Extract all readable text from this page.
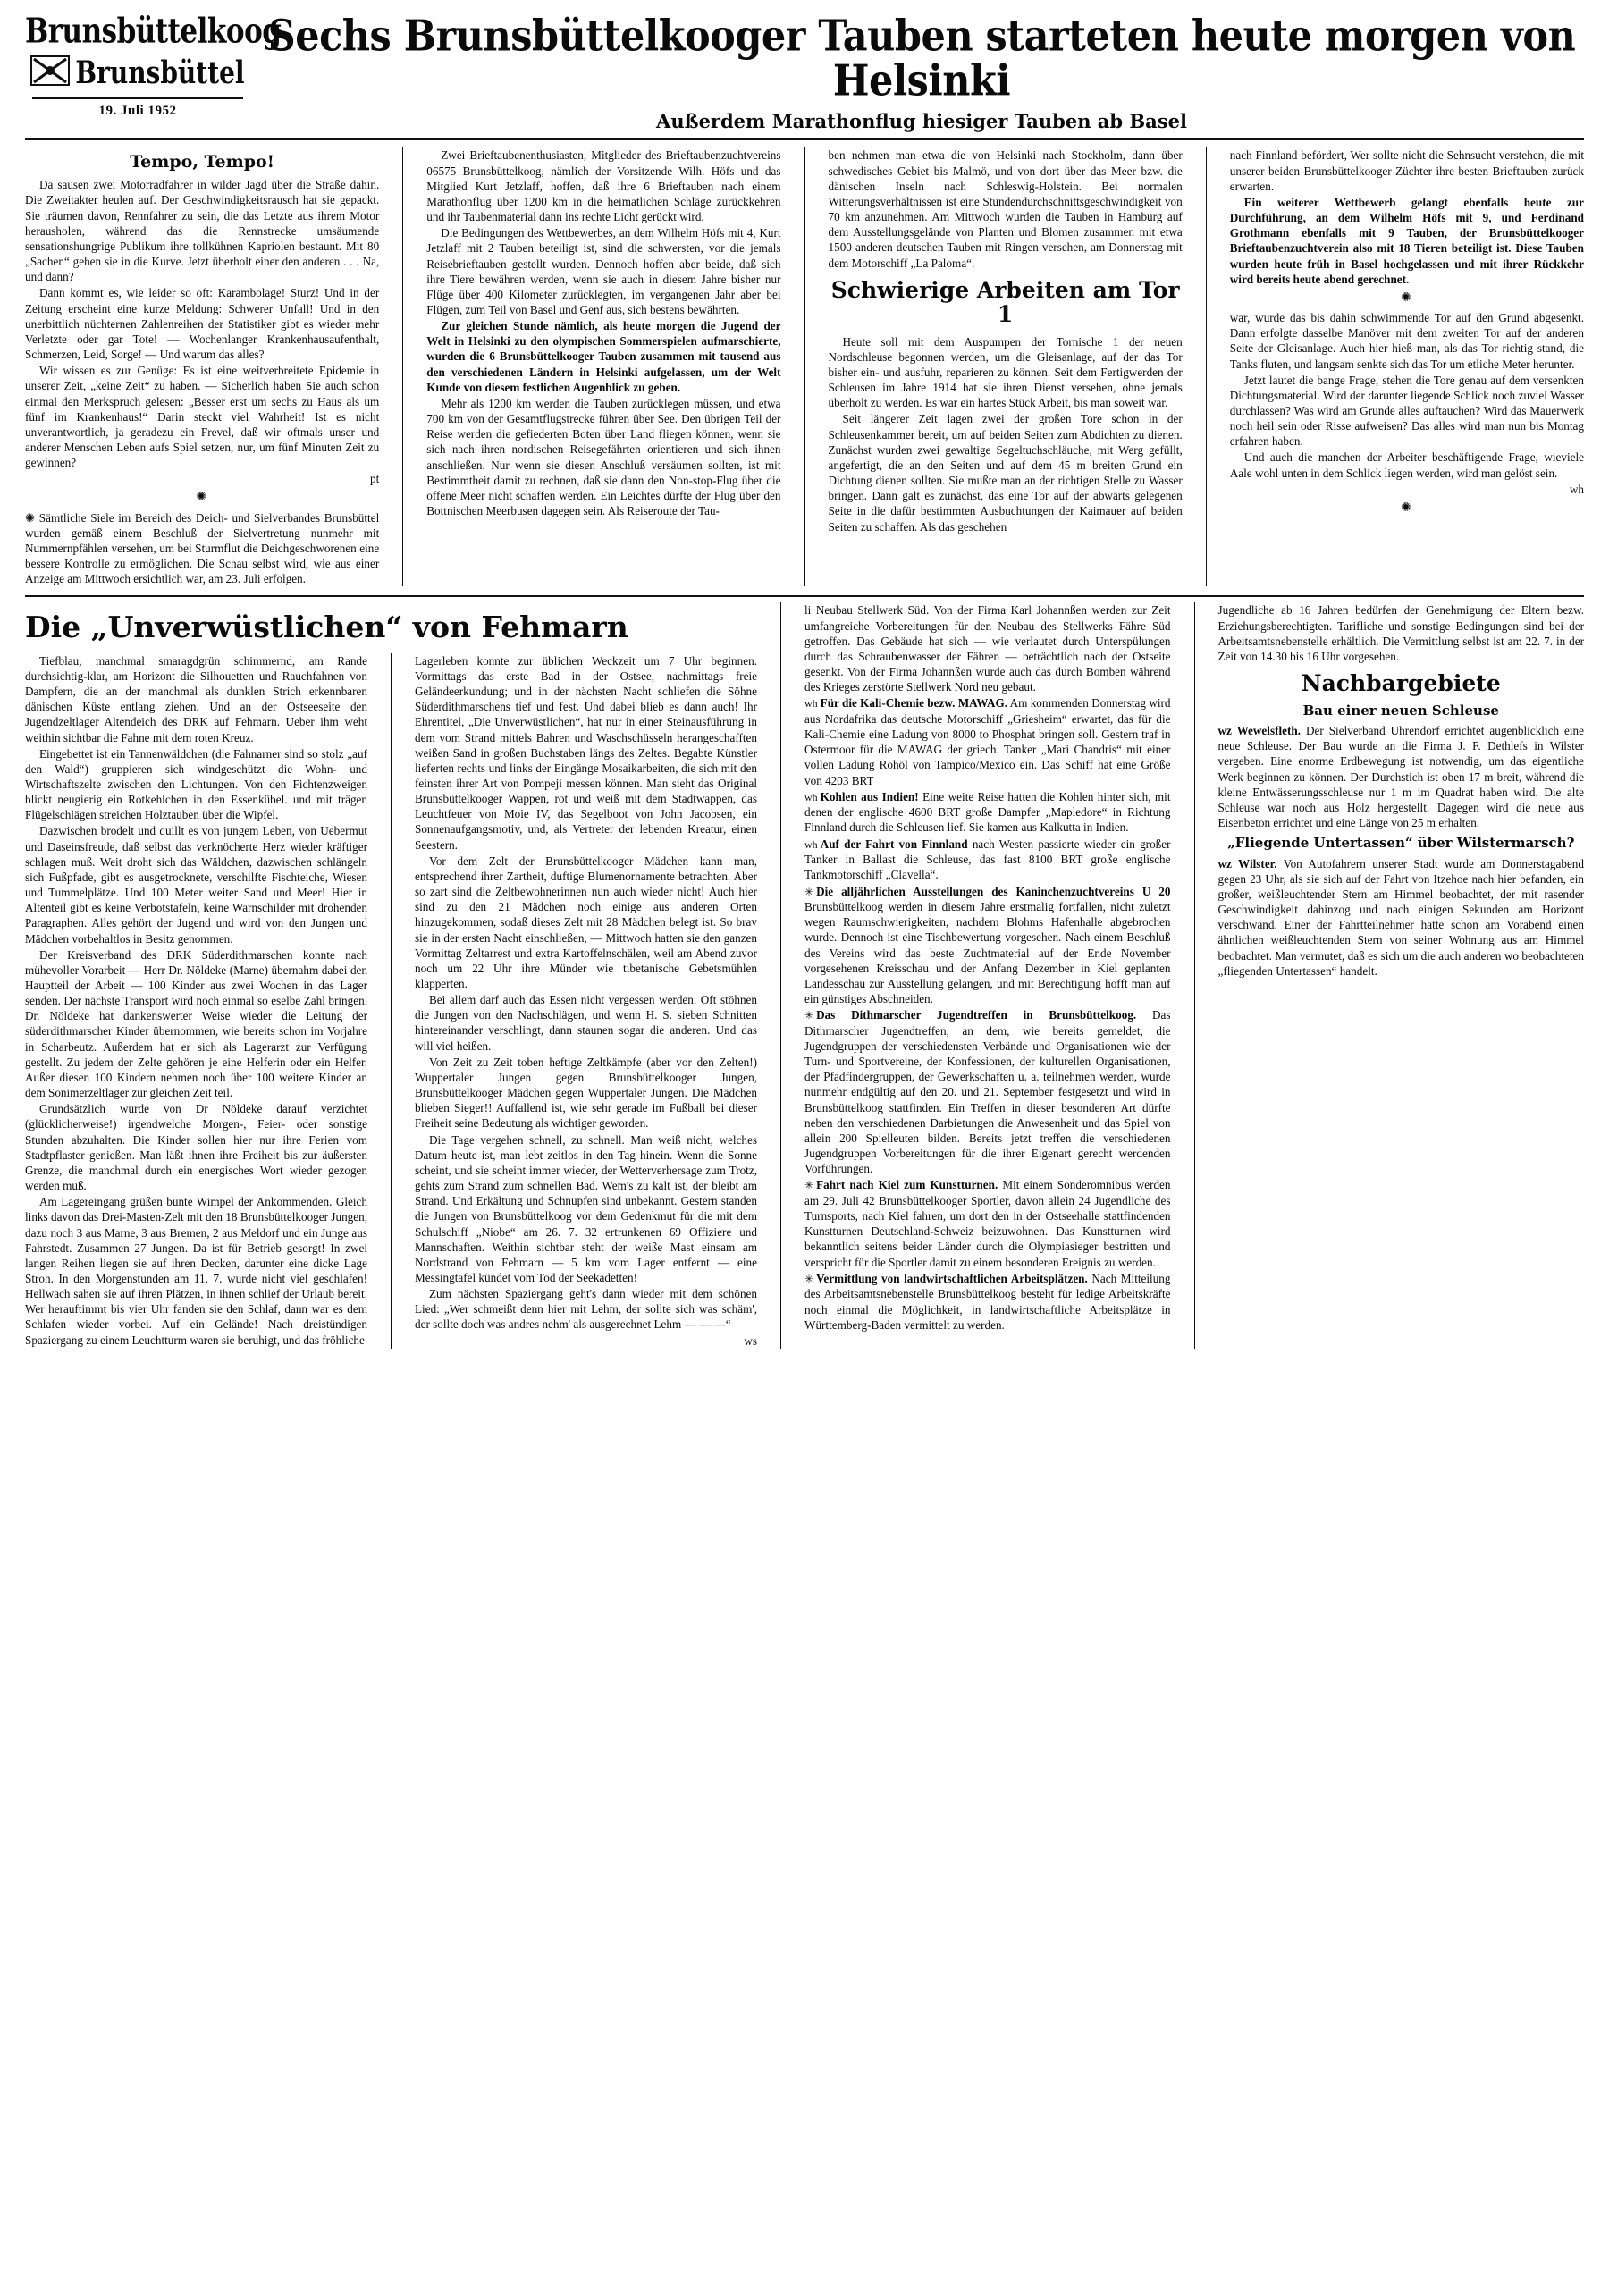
Brunsbüttelkoog
Brunsbüttel
19. Juli 1952
Sechs Brunsbüttelkooger Tauben starteten heute morgen von Helsinki
Außerdem Marathonflug hiesiger Tauben ab Basel
Tempo, Tempo!

Da sausen zwei Motorradfahrer in wilder Jagd über die Straße dahin. Die Zweitakter heulen auf. Der Geschwindigkeitsrausch hat sie gepackt. Sie träumen davon, Rennfahrer zu sein, die das Letzte aus ihrem Motor herausholen, während das die Rennstrecke umsäumende sensationshungrige Publikum ihre tollkühnen Kapriolen bestaunt. Mit 80 „Sachen“ gehen sie in die Kurve. Jetzt überholt einer den anderen . . . Na, und dann?

Dann kommt es, wie leider so oft: Karambolage! Sturz! Und in der Zeitung erscheint eine kurze Meldung: Schwerer Unfall! Und in den unerbittlich nüchternen Zahlenreihen der Statistiker gibt es wieder mehr Verletzte oder gar Tote! — Wochenlanger Krankenhausaufenthalt, Schmerzen, Leid, Sorge! — Und warum das alles?

Wir wissen es zur Genüge: Es ist eine weitverbreitete Epidemie in unserer Zeit, „keine Zeit“ zu haben. — Sicherlich haben Sie auch schon einmal den Merkspruch gelesen: „Besser erst um sechs zu Haus als um fünf im Krankenhaus!“ Darin steckt viel Wahrheit! Ist es nicht unverantwortlich, ja geradezu ein Frevel, daß wir oftmals unser und anderer Menschen Leben aufs Spiel setzen, nur, um fünf Minuten Zeit zu gewinnen?

pt

✺

✺ Sämtliche Siele im Bereich des Deich- und Sielverbandes Brunsbüttel wurden gemäß einem Beschluß der Sielvertretung nunmehr mit Nummernpfählen versehen, um bei Sturmflut die Deichgeschworenen eine bessere Kontrolle zu ermöglichen. Die Schau selbst wird, wie aus einer Anzeige am Mittwoch ersichtlich war, am 23. Juli erfolgen.

Zwei Brieftaubenenthusiasten, Mitglieder des Brieftaubenzuchtvereins 06575 Brunsbüttelkoog, nämlich der Vorsitzende Wilh. Höfs und das Mitglied Kurt Jetzlaff, hoffen, daß ihre 6 Brieftauben nach einem Marathonflug über 1200 km in die heimatlichen Schläge zurückkehren und ihr Taubenmaterial dann ins rechte Licht gerückt wird.

Die Bedingungen des Wettbewerbes, an dem Wilhelm Höfs mit 4, Kurt Jetzlaff mit 2 Tauben beteiligt ist, sind die schwersten, vor die jemals Reisebrieftauben gestellt wurden. Dennoch hoffen aber beide, daß sich ihre Tiere bewähren werden, wenn sie auch in diesem Jahre bisher nur Flüge über 400 Kilometer zurücklegten, im vergangenen Jahr aber bei Flügen, zum Teil von Basel und Genf aus, sich bestens bewährten.

Zur gleichen Stunde nämlich, als heute morgen die Jugend der Welt in Helsinki zu den olympischen Sommerspielen aufmarschierte, wurden die 6 Brunsbüttelkooger Tauben zusammen mit tausend aus den verschiedenen Ländern in Helsinki aufgelassen, um der Welt Kunde von diesem festlichen Augenblick zu geben.

Mehr als 1200 km werden die Tauben zurücklegen müssen, und etwa 700 km von der Gesamtflugstrecke führen über See. Den übrigen Teil der Reise werden die gefiederten Boten über Land fliegen können, wenn sie sich nach ihren nordischen Reisegefährten orientieren und sich ihnen anschließen. Nur wenn sie diesen Anschluß versäumen sollten, ist mit Bestimmtheit damit zu rechnen, daß sie dann den Non-stop-Flug über die offene Meer nicht schaffen werden. Ein Leichtes dürfte der Flug über den Bottnischen Meerbusen dagegen sein. Als Reiseroute der Tau-

ben nehmen man etwa die von Helsinki nach Stockholm, dann über schwedisches Gebiet bis Malmö, und von dort über das Meer bzw. die dänischen Inseln nach Schleswig-Holstein. Bei normalen Witterungsverhältnissen ist eine Stundendurchschnittsgeschwindigkeit von 70 km anzunehmen. Am Mittwoch wurden die Tauben in Hamburg auf dem Ausstellungsgelände von Planten und Blomen zusammen mit etwa 1500 anderen deutschen Tauben mit Ringen versehen, am Donnerstag mit dem Motorschiff „La Paloma“.

Schwierige Arbeiten am Tor 1

Heute soll mit dem Auspumpen der Tornische 1 der neuen Nordschleuse begonnen werden, um die Gleisanlage, auf der das Tor bisher ein- und ausfuhr, reparieren zu können. Seit dem Fertigwerden der Schleusen im Jahre 1914 hat sie ihren Dienst versehen, ohne jemals überholt zu werden. Es war ein hartes Stück Arbeit, bis man soweit war.

Seit längerer Zeit lagen zwei der großen Tore schon in der Schleusenkammer bereit, um auf beiden Seiten zum Abdichten zu dienen. Zunächst wurden zwei gewaltige Segeltuchschläuche, mit Werg gefüllt, angefertigt, die an den Seiten und auf dem 45 m breiten Grund ein Dichtung dienen sollten. Sie mußte man an der richtigen Stelle zu Wasser bringen. Dann galt es zunächst, das eine Tor auf der abwärts gelegenen Seite in die dafür bestimmten Ausbuchtungen der Kaimauer auf beiden Seiten zu schaffen. Als das geschehen

nach Finnland befördert, Wer sollte nicht die Sehnsucht verstehen, die mit unserer beiden Brunsbüttelkooger Züchter ihre besten Brieftauben zurück erwarten.

Ein weiterer Wettbewerb gelangt ebenfalls heute zur Durchführung, an dem Wilhelm Höfs mit 9, und Ferdinand Grothmann ebenfalls mit 9 Tauben, der Brunsbüttelkooger Brieftaubenzuchtverein also mit 18 Tieren beteiligt ist. Diese Tauben wurden heute früh in Basel hochgelassen und mit ihrer Rückkehr wird bereits heute abend gerechnet.

✺

war, wurde das bis dahin schwimmende Tor auf den Grund abgesenkt. Dann erfolgte dasselbe Manöver mit dem zweiten Tor auf der anderen Seite der Gleisanlage. Auch hier hieß man, als das Tor richtig stand, die Tanks fluten, und langsam senkte sich das Tor um etliche Meter herunter.

Jetzt lautet die bange Frage, stehen die Tore genau auf dem versenkten Dichtungsmaterial. Wird der darunter liegende Schlick noch zuviel Wasser durchlassen? Was wird am Grunde alles auftauchen? Wird das Mauerwerk noch heil sein oder Risse aufweisen? Das alles wird man nun bis Montag erfahren haben.

Und auch die manchen der Arbeiter beschäftigende Frage, wieviele Aale wohl unten in dem Schlick liegen werden, wird man gelöst sein.

wh

✺
Die „Unverwüstlichen“ von Fehmarn

Tiefblau, manchmal smaragdgrün schimmernd, am Rande durchsichtig-klar, am Horizont die Silhouetten und Rauchfahnen von Dampfern, die an der manchmal als dunklen Strich erkennbaren dänischen Küste entlang ziehen. Und an der Ostseeseite den Jugendzeltlager Altendeich des DRK auf Fehmarn. Ueber ihm weht weithin sichtbar die Fahne mit dem roten Kreuz.

Eingebettet ist ein Tannenwäldchen (die Fahnarner sind so stolz „auf den Wald“) gruppieren sich windgeschützt die Wohn- und Wirtschaftszelte zwischen den Lichtungen. Von den Fichtenzweigen blickt neugierig ein Rotkehlchen in den Essenkübel. und mit trägen Flügelschlägen streichen Holztauben über die Wipfel.

Dazwischen brodelt und quillt es von jungem Leben, von Uebermut und Daseinsfreude, daß selbst das verknöcherte Herz wieder kräftiger schlagen muß. Weit droht sich das Wäldchen, dazwischen schlängeln sich Fußpfade, gibt es ausgetrocknete, verschilfte Fischteiche, Wiesen und Tummelplätze. Und 100 Meter weiter Sand und Meer! Hier in Altenteil gibt es keine Verbotstafeln, keine Warnschilder mit drohenden Paragraphen. Alles gehört der Jugend und wird von den Jungen und Mädchen vorbehaltlos in Besitz genommen.

Der Kreisverband des DRK Süderdithmarschen konnte nach mühevoller Vorarbeit — Herr Dr. Nöldeke (Marne) übernahm dabei den Hauptteil der Arbeit — 100 Kinder aus zwei Wochen in das Lager senden. Der nächste Transport wird noch einmal so eselbe Zahl bringen. Dr. Nöldeke hat dankenswerter Weise wieder die Leitung der süderdithmarscher Kinder übernommen, wie bereits schon im Vorjahre in Scharbeutz. Außerdem hat er sich als Lagerarzt zur Verfügung gestellt. Zu jedem der Zelte gehören je eine Helferin oder ein Helfer. Außer diesen 100 Kindern nehmen noch über 100 weitere Kinder an dem Sonimerzeltlager zur gleichen Zeit teil.

Grundsätzlich wurde von Dr Nöldeke darauf verzichtet (glücklicherweise!) irgendwelche Morgen-, Feier- oder sonstige Stunden abzuhalten. Die Kinder sollen hier nur ihre Ferien vom Stadtpflaster genießen. Man läßt ihnen ihre Freiheit bis zur äußersten Grenze, die manchmal durch ein energisches Wort wieder gezogen werden muß.

Am Lagereingang grüßen bunte Wimpel der Ankommenden. Gleich links davon das Drei-Masten-Zelt mit den 18 Brunsbüttelkooger Jungen, dazu noch 3 aus Marne, 3 aus Bremen, 2 aus Meldorf und ein Junge aus Fahrstedt. Zusammen 27 Jungen. Da ist für Betrieb gesorgt! In zwei langen Reihen liegen sie auf ihren Decken, darunter eine dicke Lage Stroh. In den Morgenstunden am 11. 7. wurde nicht viel geschlafen! Hellwach sahen sie auf ihren Plätzen, in ihnen schlief der Urlaub bereit. Wer herauftimmt bis vier Uhr fanden sie den Schlaf, dann war es dem Schlafen wieder vorbei. Auf ein Gelände! Nach dreistündigen Spaziergang zu einem Leuchtturm waren sie beruhigt, und das fröhliche

Lagerleben konnte zur üblichen Weckzeit um 7 Uhr beginnen. Vormittags das erste Bad in der Ostsee, nachmittags freie Geländeerkundung; und in der nächsten Nacht schliefen die Söhne Süderdithmarschens tief und fest. Und dabei blieb es dann auch! Ihr Ehrentitel, „Die Unverwüstlichen“, hat nur in einer Steinausführung in dem vom Strand mittels Bahren und Waschschüsseln herangeschafften weißen Sand in großen Buchstaben längs des Zeltes. Begabte Künstler lieferten rechts und links der Eingänge Mosaikarbeiten, die sich mit den feinsten ihrer Art von Pompeji messen können. Man sieht das Original Brunsbüttelkooger Wappen, rot und weiß mit dem Stadtwappen, das Leuchtfeuer von Moie IV, das Segelboot von John Jacobsen, ein Sonnenaufgangsmotiv, und, als Vertreter der lebenden Kreatur, einen Seestern.

Vor dem Zelt der Brunsbüttelkooger Mädchen kann man, entsprechend ihrer Zartheit, duftige Blumenornamente betrachten. Aber so zart sind die Zeltbewohnerinnen nun auch wieder nicht! Auch hier sind zu den 21 Mädchen noch einige aus anderen Orten hinzugekommen, sodaß dieses Zelt mit 28 Mädchen belegt ist. So brav sie in der ersten Nacht einschließen, — Mittwoch hatten sie den ganzen Vormittag Zeltarrest und extra Kartoffelnschälen, weil am Abend zuvor noch um 22 Uhr ihre Münder wie tibetanische Gebetsmühlen klapperten.

Bei allem darf auch das Essen nicht vergessen werden. Oft stöhnen die Jungen von den Nachschlägen, und wenn H. S. sieben Schnitten hintereinander verschlingt, dann staunen sogar die anderen. Und das will viel heißen.

Von Zeit zu Zeit toben heftige Zeltkämpfe (aber vor den Zelten!) Wuppertaler Jungen gegen Brunsbüttelkooger Jungen, Brunsbüttelkooger Mädchen gegen Wuppertaler Jungen. Die Mädchen blieben Sieger!! Auffallend ist, wie sehr gerade im Fußball bei dieser Freiheit seine Bedeutung als wichtiger geworden.

Die Tage vergehen schnell, zu schnell. Man weiß nicht, welches Datum heute ist, man lebt zeitlos in den Tag hinein. Wenn die Sonne scheint, und sie scheint immer wieder, der Wetterverhersage zum Trotz, gehts zum Strand zum schnellen Bad. Wem's zu kalt ist, der bleibt am Strand. Und Erkältung und Schnupfen sind unbekannt. Gestern standen die Jungen von Brunsbüttelkoog vor dem Gedenkmut für die mit dem Schulschiff „Niobe“ am 26. 7. 32 ertrunkenen 69 Offiziere und Mannschaften. Weithin sichtbar steht der weiße Mast einsam am Nordstrand von Fehmarn — 5 km vom Lager entfernt — eine Messingtafel kündet vom Tod der Seekadetten!

Zum nächsten Spaziergang geht's dann wieder mit dem schönen Lied: „Wer schmeißt denn hier mit Lehm, der sollte sich was schäm', der sollte doch was andres nehm' als ausgerechnet Lehm — — —“

ws

li Neubau Stellwerk Süd. Von der Firma Karl Johannßen werden zur Zeit umfangreiche Vorbereitungen für den Neubau des Stellwerks Fähre Süd getroffen. Das Gebäude hat sich — wie verlautet durch Unterspülungen durch das Schraubenwasser der Fähren — beträchtlich nach der Ostseite gesenkt. Von der Firma Johannßen wurde auch das durch Bomben während des Krieges zerstörte Stellwerk Nord neu gebaut.

wh Für die Kali-Chemie bezw. MAWAG. Am kommenden Donnerstag wird aus Nordafrika das deutsche Motorschiff „Griesheim“ erwartet, das für die Kali-Chemie eine Ladung von 8000 to Phosphat bringen soll. Gestern traf in Ostermoor für die MAWAG der griech. Tanker „Mari Chandris“ mit einer vollen Ladung Rohöl von Tampico/Mexico ein. Das Schiff hat eine Größe von 4203 BRT

wh Kohlen aus Indien! Eine weite Reise hatten die Kohlen hinter sich, mit denen der englische 4600 BRT große Dampfer „Mapledore“ in Richtung Finnland durch die Schleusen lief. Sie kamen aus Kalkutta in Indien.

wh Auf der Fahrt von Finnland nach Westen passierte wieder ein großer Tanker in Ballast die Schleuse, das fast 8100 BRT große englische Tankmotorschiff „Clavella“.

✳ Die alljährlichen Ausstellungen des Kaninchenzuchtvereins U 20 Brunsbüttelkoog werden in diesem Jahre erstmalig fortfallen, nicht zuletzt wegen Raumschwierigkeiten, nachdem Blohms Hafenhalle abgebrochen wurde. Dennoch ist eine Tischbewertung vorgesehen. Nach einem Beschluß des Vereins wird das beste Zuchtmaterial auf der Ende November vorgesehenen Kreisschau und der Anfang Dezember in Kiel geplanten Landesschau zur Ausstellung gelangen, und mit Berechtigung hofft man auf ein günstiges Abschneiden.

✳ Das Dithmarscher Jugendtreffen in Brunsbüttelkoog. Das Dithmarscher Jugendtreffen, an dem, wie bereits gemeldet, die Jugendgruppen der verschiedensten Verbände und Organisationen wie der Turn- und Sportvereine, der Konfessionen, der kulturellen Organisationen, der Pfadfindergruppen, der Gewerkschaften u. a. teilnehmen werden, wurde nunmehr endgültig auf den 20. und 21. September festgesetzt und wird in Brunsbüttelkoog stattfinden. Ein Treffen in dieser besonderen Art dürfte neben den verschiedenen Darbietungen die Anwesenheit und das Spiel von allein 200 Spielleuten bilden. Bereits jetzt treffen die verschiedenen Jugendgruppen Vorbereitungen für die ihrer Eigenart gerecht werdenden Vorführungen.

✳ Fahrt nach Kiel zum Kunstturnen. Mit einem Sonderomnibus werden am 29. Juli 42 Brunsbüttelkooger Sportler, davon allein 24 Jugendliche des Turnsports, nach Kiel fahren, um dort den in der Ostseehalle stattfindenden Kunstturnen Deutschland-Schweiz beizuwohnen. Das Kunstturnen wird bekanntlich seitens beider Länder durch die Olympiasieger bestritten und verspricht für die Sportler damit zu einem besonderen Ereignis zu werden.

✳ Vermittlung von landwirtschaftlichen Arbeitsplätzen. Nach Mitteilung des Arbeitsamtsnebenstelle Brunsbüttelkoog besteht für ledige Arbeitskräfte noch einmal die Möglichkeit, in landwirtschaftliche Arbeitsplätze in Württemberg-Baden vermittelt zu werden.

Jugendliche ab 16 Jahren bedürfen der Genehmigung der Eltern bezw. Erziehungsberechtigten. Tarifliche und sonstige Bedingungen sind bei der Arbeitsamtsnebenstelle erhältlich. Die Vermittlung selbst ist am 22. 7. in der Zeit von 14.30 bis 16 Uhr vorgesehen.

Nachbargebiete
Bau einer neuen Schleuse

wz Wewelsfleth. Der Sielverband Uhrendorf errichtet augenblicklich eine neue Schleuse. Der Bau wurde an die Firma J. F. Dethlefs in Wilster vergeben. Eine enorme Erdbewegung ist notwendig, um das eigentliche Werk beginnen zu können. Der Durchstich ist oben 17 m breit, während die kleine Entwässerungsschleuse nur 1 m im Quadrat haben wird. Die alte Schleuse war noch aus Holz hergestellt. Dagegen wird die neue aus Eisenbeton errichtet und eine Länge von 25 m erhalten.

„Fliegende Untertassen“ über Wilstermarsch?

wz Wilster. Von Autofahrern unserer Stadt wurde am Donnerstagabend gegen 23 Uhr, als sie sich auf der Fahrt von Itzehoe nach hier befanden, ein großer, weißleuchtender Stern am Himmel beobachtet, der mit rasender Geschwindigkeit dahinzog und nach einigen Sekunden am Horizont verschwand. Einer der Fahrtteilnehmer hatte schon am Vorabend einen ähnlichen weißleuchtenden Stern von seiner Wohnung aus am Himmel beobachtet. Man vermutet, daß es sich um die auch anderen wo beobachteten „fliegenden Untertassen“ handelt.
